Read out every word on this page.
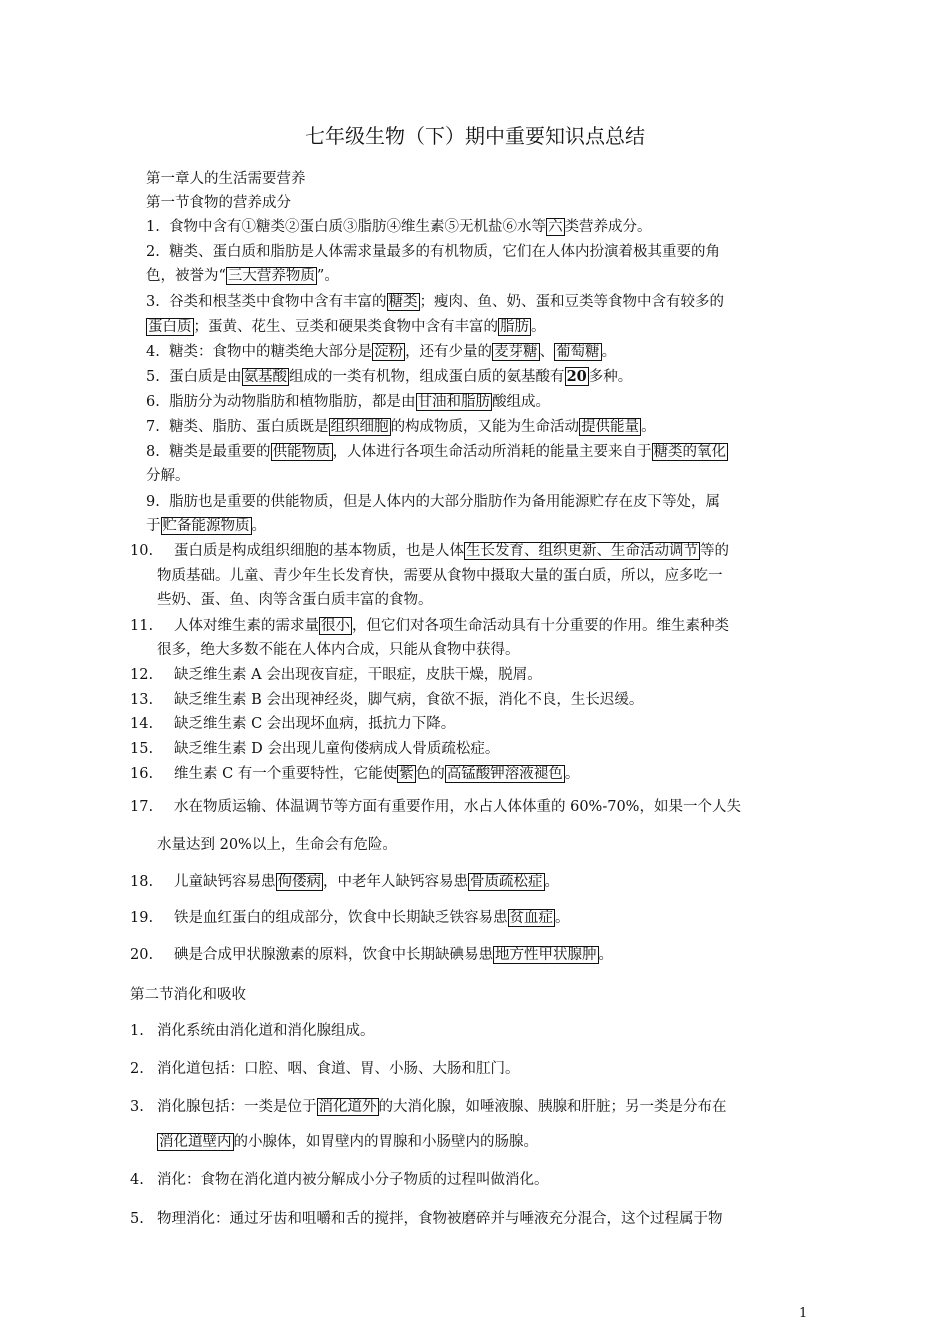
七年级生物（下）期中重要知识点总结
第一章人的生活需要营养
第一节食物的营养成分
1. 食物中含有①糖类②蛋白质③脂肪④维生素⑤无机盐⑥水等 六 类营养成分。
2. 糖类、蛋白质和脂肪是人体需求量最多的有机物质，它们在人体内扮演着极其重要的角
色，被誉为“ 三大营养物质 ”。
3. 谷类和根茎类中食物中含有丰富的 糖类 ；瘦肉、鱼、奶、蛋和豆类等食物中含有较多的
蛋白质 ；蛋黄、花生、豆类和硬果类食物中含有丰富的 脂肪 。
4. 糖类：食物中的糖类绝大部分是 淀粉 ，还有少量的 麦芽糖 、 葡萄糖 。
5. 蛋白质是由 氨基酸 组成的一类有机物，组成蛋白质的氨基酸有 20 多种。
6. 脂肪分为动物脂肪和植物脂肪，都是由 甘油和脂肪 酸组成。
7. 糖类、脂肪、蛋白质既是 组织细胞 的构成物质，又能为生命活动 提供能量 。
8. 糖类是最重要的 供能物质 ，人体进行各项生命活动所消耗的能量主要来自于 糖类的氧化
分解。
9. 脂肪也是重要的供能物质，但是人体内的大部分脂肪作为备用能源贮存在皮下等处，属
于 贮备能源物质 。
10. 蛋白质是构成组织细胞的基本物质，也是人体 生长发育、组织更新、生命活动调节 等的
物质基础。儿童、青少年生长发育快，需要从食物中摄取大量的蛋白质，所以，应多吃一
些奶、蛋、鱼、肉等含蛋白质丰富的食物。
11. 人体对维生素的需求量 很小 ，但它们对各项生命活动具有十分重要的作用。维生素种类
很多，绝大多数不能在人体内合成，只能从食物中获得。
12. 缺乏维生素 A 会出现夜盲症，干眼症，皮肤干燥，脱屑。
13. 缺乏维生素 B 会出现神经炎，脚气病，食欲不振，消化不良，生长迟缓。
14. 缺乏维生素 C 会出现坏血病，抵抗力下降。
15. 缺乏维生素 D 会出现儿童佝偻病成人骨质疏松症。
16. 维生素 C 有一个重要特性，它能使 紫 色的 高锰酸钾溶液褪色 。
17. 水在物质运输、体温调节等方面有重要作用，水占人体体重的 60%-70%，如果一个人失
水量达到 20%以上，生命会有危险。
18. 儿童缺钙容易患 佝偻病 ，中老年人缺钙容易患 骨质疏松症 。
19. 铁是血红蛋白的组成部分，饮食中长期缺乏铁容易患 贫血症 。
20. 碘是合成甲状腺激素的原料，饮食中长期缺碘易患 地方性甲状腺肿 。
第二节消化和吸收
1. 消化系统由消化道和消化腺组成。
2. 消化道包括：口腔、咽、食道、胃、小肠、大肠和肛门。
3. 消化腺包括：一类是位于 消化道外 的大消化腺，如唾液腺、胰腺和肝脏；另一类是分布在
消化道壁内 的小腺体，如胃壁内的胃腺和小肠壁内的肠腺。
4. 消化：食物在消化道内被分解成小分子物质的过程叫做消化。
5. 物理消化：通过牙齿和咀嚼和舌的搅拌，食物被磨碎并与唾液充分混合，这个过程属于物
1
